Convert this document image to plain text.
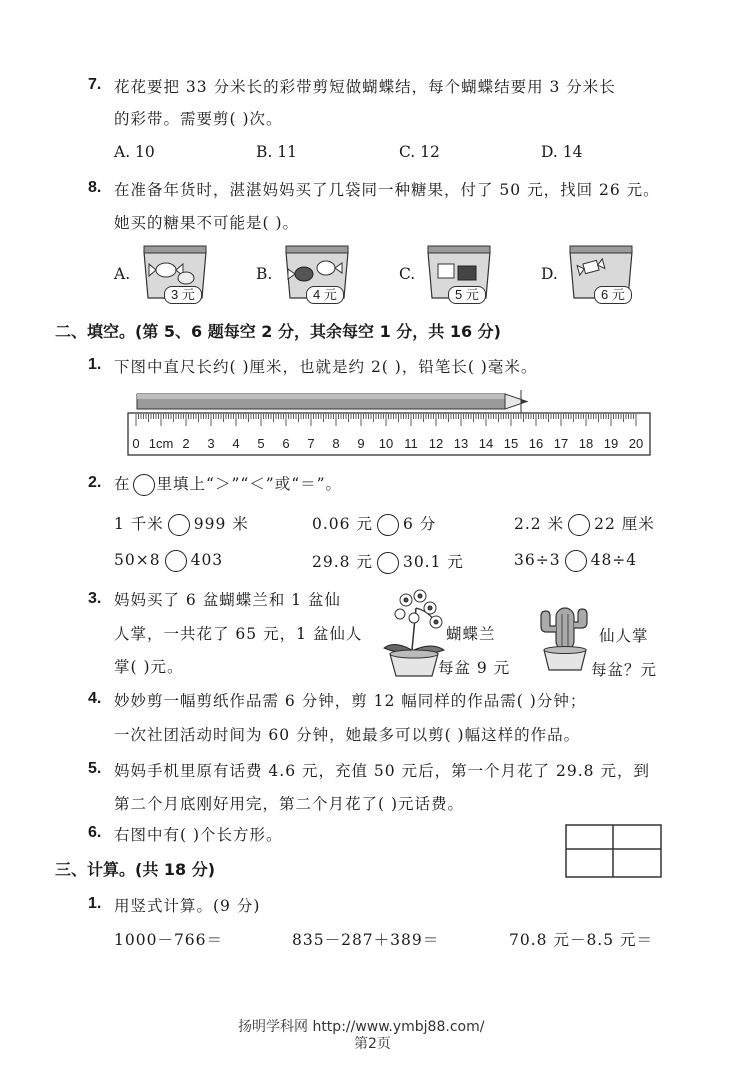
7. 花花要把 33 分米长的彩带剪短做蝴蝶结，每个蝴蝶结要用 3 分米长
的彩带。需要剪( )次。
A. 10	B. 11	C. 12	D. 14
8. 在准备年货时，湛湛妈妈买了几袋同一种糖果，付了 50 元，找回 26 元。
她买的糖果不可能是( )。
A.
3 元
B.
4 元
C.
5 元
D.
6 元
二、填空。(第 5、6 题每空 2 分，其余每空 1 分，共 16 分)
1. 下图中直尺长约( )厘米，也就是约 2( )，铅笔长( )毫米。
0 1cm 2 3 4 5 6 7 8 9 10 11 12 13 14 15 16 17 18 19 20
2. 在 里填上“＞”“＜”或“＝”。
1 千米 999 米	0.06 元 6 分	2.2 米 22 厘米
50×8 403	29.8 元 30.1 元	36÷3 48÷4
3. 妈妈买了 6 盆蝴蝶兰和 1 盆仙
人掌，一共花了 65 元，1 盆仙人
掌( )元。
蝴蝶兰
每盆 9 元
仙人掌
每盆？元
4. 妙妙剪一幅剪纸作品需 6 分钟，剪 12 幅同样的作品需( )分钟；
一次社团活动时间为 60 分钟，她最多可以剪( )幅这样的作品。
5. 妈妈手机里原有话费 4.6 元，充值 50 元后，第一个月花了 29.8 元，到
第二个月底刚好用完，第二个月花了( )元话费。
6. 右图中有( )个长方形。
三、计算。(共 18 分)
1. 用竖式计算。(9 分)
1000－766＝	835－287＋389＝	70.8 元－8.5 元＝
扬明学科网 http://www.ymbj88.com/
第2页
